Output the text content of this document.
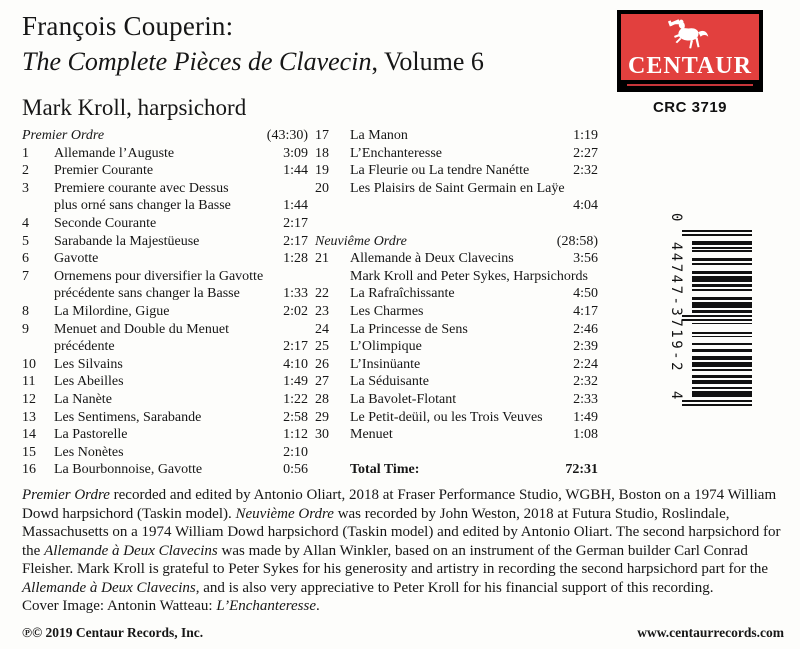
François Couperin:
The Complete Pièces de Clavecin, Volume 6
Mark Kroll, harpsichord
CENTAUR
CRC 3719
0 44747-3719-2 4
Premier Ordre	(43:30)
1	Allemande l’Auguste	3:09
2	Premier Courante	1:44
3	Premiere courante avec Dessus
plus orné sans changer la Basse	1:44
4	Seconde Courante	2:17
5	Sarabande la Majestüeuse	2:17
6	Gavotte	1:28
7	Ornemens pour diversifier la Gavotte
précédente sans changer la Basse	1:33
8	La Milordine, Gigue	2:02
9	Menuet and Double du Menuet
précédente	2:17
10	Les Silvains	4:10
11	Les Abeilles	1:49
12	La Nanète	1:22
13	Les Sentimens, Sarabande	2:58
14	La Pastorelle	1:12
15	Les Nonètes	2:10
16	La Bourbonnoise, Gavotte	0:56
17	La Manon	1:19
18	L’Enchanteresse	2:27
19	La Fleurie ou La tendre Nanétte	2:32
20	Les Plaisirs de Saint Germain en Laÿe
4:04
Neuviême Ordre	(28:58)
21	Allemande à Deux Clavecins	3:56
Mark Kroll and Peter Sykes, Harpsichords
22	La Rafraîchissante	4:50
23	Les Charmes	4:17
24	La Princesse de Sens	2:46
25	L’Olimpique	2:39
26	L’Insinüante	2:24
27	La Séduisante	2:32
28	La Bavolet-Flotant	2:33
29	Le Petit-deüil, ou les Trois Veuves	1:49
30	Menuet	1:08
Total Time:	72:31
Premier Ordre recorded and edited by Antonio Oliart, 2018 at Fraser Performance Studio, WGBH, Boston on a 1974 William Dowd harpsichord (Taskin model). Neuvième Ordre was recorded by John Weston, 2018 at Futura Studio, Roslindale, Massachusetts on a 1974 William Dowd harpsichord (Taskin model) and edited by Antonio Oliart. The second harpsichord for the Allemande à Deux Clavecins was made by Allan Winkler, based on an instrument of the German builder Carl Conrad Fleisher. Mark Kroll is grateful to Peter Sykes for his generosity and artistry in recording the second harpsichord part for the Allemande à Deux Clavecins, and is also very appreciative to Peter Kroll for his financial support of this recording.
Cover Image: Antonin Watteau: L’Enchanteresse.
℗© 2019 Centaur Records, Inc.	www.centaurrecords.com
